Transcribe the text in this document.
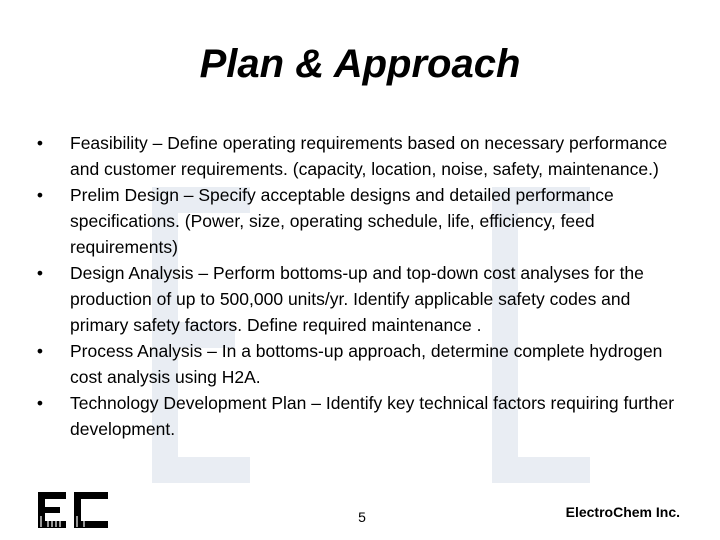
Plan & Approach
•	Feasibility – Define operating requirements based on necessary performance and customer requirements. (capacity, location, noise, safety, maintenance.)
•	Prelim Design – Specify acceptable designs and detailed performance specifications. (Power, size, operating schedule, life, efficiency, feed requirements)
•	Design Analysis – Perform bottoms-up and top-down cost analyses for the production of up to 500,000 units/yr. Identify applicable safety codes and primary safety factors. Define required maintenance .
•	Process Analysis – In a bottoms-up approach, determine complete hydrogen cost analysis using H2A.
•	Technology Development Plan – Identify key technical factors requiring further development.
5	ElectroChem Inc.
